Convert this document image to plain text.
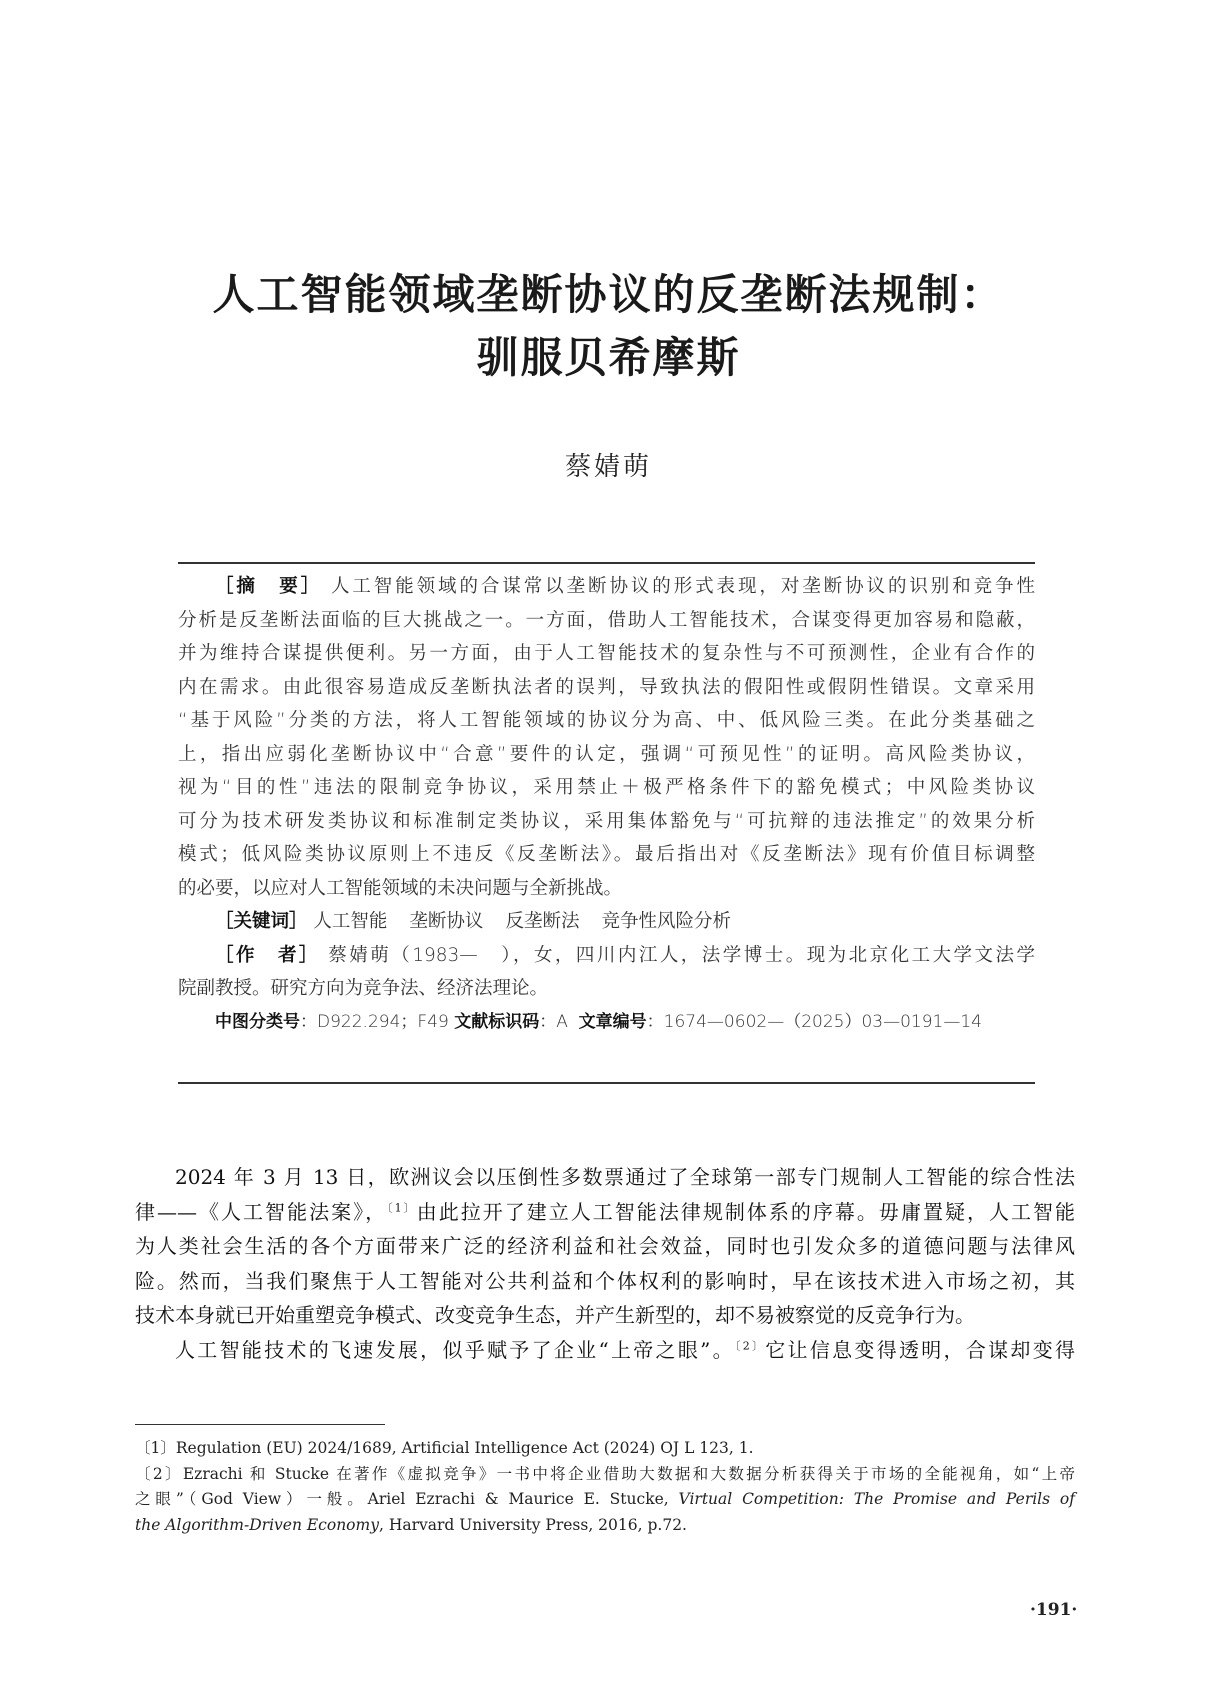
人工智能领域垄断协议的反垄断法规制：
驯服贝希摩斯
蔡婧萌
［摘　要］ 人工智能领域的合谋常以垄断协议的形式表现，对垄断协议的识别和竞争性
分析是反垄断法面临的巨大挑战之一。一方面，借助人工智能技术，合谋变得更加容易和隐蔽，
并为维持合谋提供便利。另一方面，由于人工智能技术的复杂性与不可预测性，企业有合作的
内在需求。由此很容易造成反垄断执法者的误判，导致执法的假阳性或假阴性错误。文章采用
“基于风险”分类的方法，将人工智能领域的协议分为高、中、低风险三类。在此分类基础之
上，指出应弱化垄断协议中“合意”要件的认定，强调“可预见性”的证明。高风险类协议，
视为“目的性”违法的限制竞争协议，采用禁止＋极严格条件下的豁免模式；中风险类协议
可分为技术研发类协议和标准制定类协议，采用集体豁免与“可抗辩的违法推定”的效果分析
模式；低风险类协议原则上不违反《反垄断法》。最后指出对《反垄断法》现有价值目标调整
的必要，以应对人工智能领域的未决问题与全新挑战。
［关键词］ 人工智能 垄断协议 反垄断法 竞争性风险分析
［作　者］ 蔡婧萌（1983—　），女，四川内江人，法学博士。现为北京化工大学文法学
院副教授。研究方向为竞争法、经济法理论。
中图分类号：D922.294；F49 文献标识码：A 文章编号：1674—0602—（2025）03—0191—14
2024 年 3 月 13 日，欧洲议会以压倒性多数票通过了全球第一部专门规制人工智能的综合性法
律——《人工智能法案》，$^{〔1〕}$由此拉开了建立人工智能法律规制体系的序幕。毋庸置疑，人工智能
为人类社会生活的各个方面带来广泛的经济利益和社会效益，同时也引发众多的道德问题与法律风
险。然而，当我们聚焦于人工智能对公共利益和个体权利的影响时，早在该技术进入市场之初，其
技术本身就已开始重塑竞争模式、改变竞争生态，并产生新型的，却不易被察觉的反竞争行为。
人工智能技术的飞速发展，似乎赋予了企业“上帝之眼”。$^{〔2〕}$它让信息变得透明，合谋却变得
〔1〕Regulation (EU) 2024/1689, Artificial Intelligence Act (2024) OJ L 123, 1.
〔2〕Ezrachi 和 Stucke 在著作《虚拟竞争》一书中将企业借助大数据和大数据分析获得关于市场的全能视角，如“上帝
之眼”（God View）一般。Ariel Ezrachi & Maurice E. Stucke, Virtual Competition: The Promise and Perils of
the Algorithm-Driven Economy, Harvard University Press, 2016, p.72.
·191·
